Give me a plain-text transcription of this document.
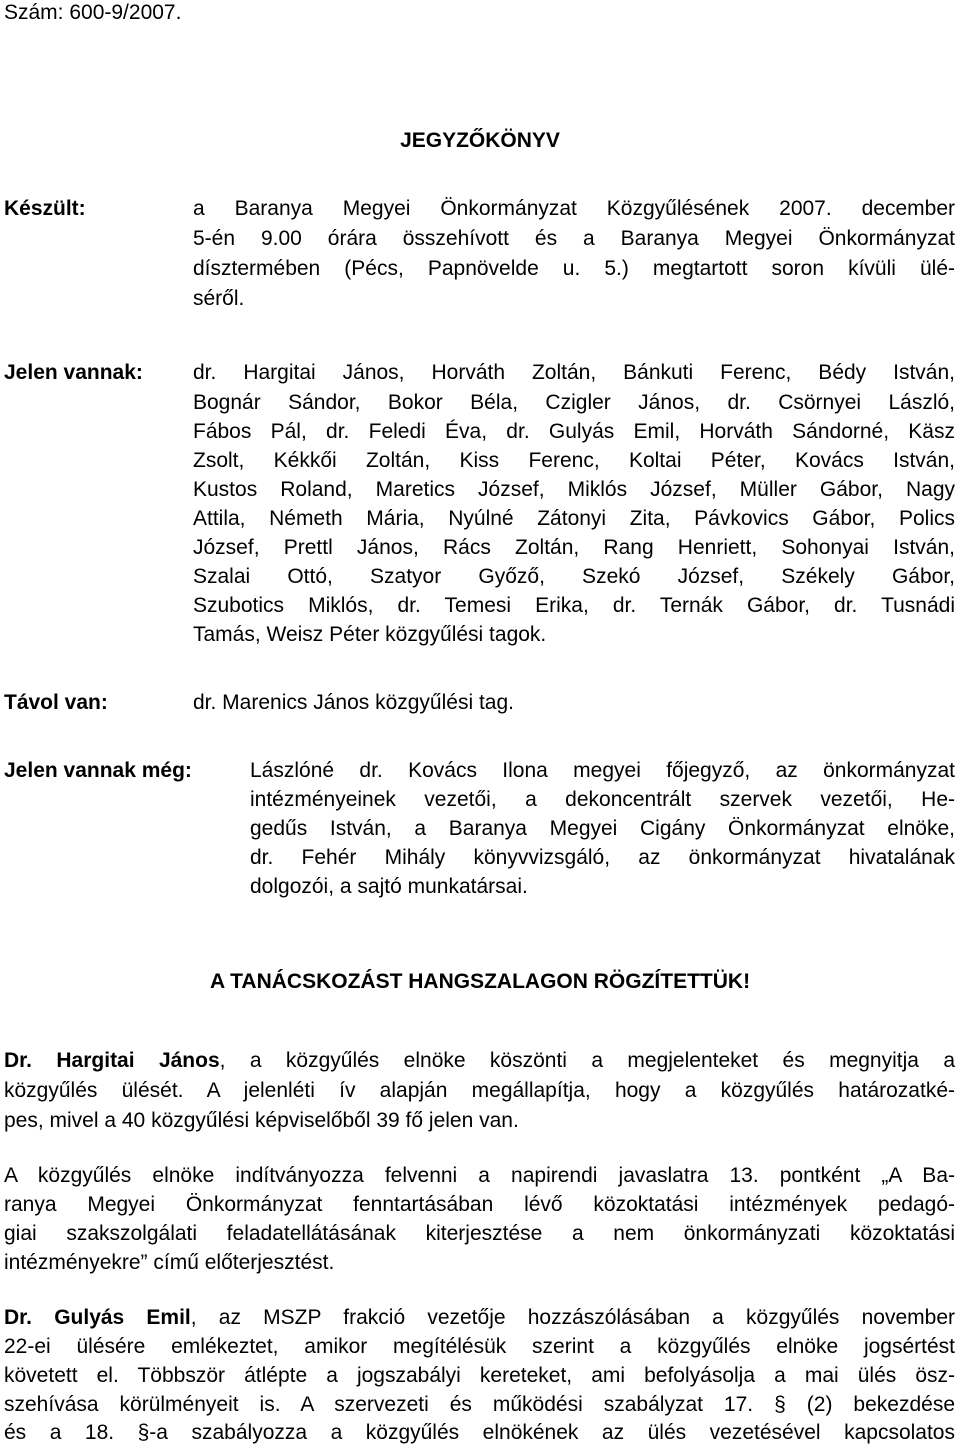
Szám: 600-9/2007.
JEGYZŐKÖNYV
Készült:	a Baranya Megyei Önkormányzat Közgyűlésének 2007. december
5-én 9.00 órára összehívott és a Baranya Megyei Önkormányzat
dísztermében (Pécs, Papnövelde u. 5.) megtartott soron kívüli ülé-
séről.
Jelen vannak: dr. Hargitai János, Horváth Zoltán, Bánkuti Ferenc, Bédy István,
Bognár Sándor, Bokor Béla, Czigler János, dr. Csörnyei László,
Fábos Pál, dr. Feledi Éva, dr. Gulyás Emil, Horváth Sándorné, Käsz
Zsolt, Kékkői Zoltán, Kiss Ferenc, Koltai Péter, Kovács István,
Kustos Roland, Maretics József, Miklós József, Müller Gábor, Nagy
Attila, Németh Mária, Nyúlné Zátonyi Zita, Pávkovics Gábor, Polics
József, Prettl János, Rács Zoltán, Rang Henriett, Sohonyai István,
Szalai Ottó, Szatyor Győző, Szekó József, Székely Gábor,
Szubotics Miklós, dr. Temesi Erika, dr. Ternák Gábor, dr. Tusnádi
Tamás, Weisz Péter közgyűlési tagok.
Távol van:	dr. Marenics János közgyűlési tag.
Jelen vannak még:	Lászlóné dr. Kovács Ilona megyei főjegyző, az önkormányzat
intézményeinek vezetői, a dekoncentrált szervek vezetői, He-
gedűs István, a Baranya Megyei Cigány Önkormányzat elnöke,
dr. Fehér Mihály könyvvizsgáló, az önkormányzat hivatalának
dolgozói, a sajtó munkatársai.
A TANÁCSKOZÁST HANGSZALAGON RÖGZÍTETTÜK!
Dr. Hargitai János, a közgyűlés elnöke köszönti a megjelenteket és megnyitja a
közgyűlés ülését. A jelenléti ív alapján megállapítja, hogy a közgyűlés határozatké-
pes, mivel a 40 közgyűlési képviselőből 39 fő jelen van.
A közgyűlés elnöke indítványozza felvenni a napirendi javaslatra 13. pontként „A Ba-
ranya Megyei Önkormányzat fenntartásában lévő közoktatási intézmények pedagó-
giai szakszolgálati feladatellátásának kiterjesztése a nem önkormányzati közoktatási
intézményekre” című előterjesztést.
Dr. Gulyás Emil, az MSZP frakció vezetője hozzászólásában a közgyűlés november
22-ei ülésére emlékeztet, amikor megítélésük szerint a közgyűlés elnöke jogsértést
követett el. Többször átlépte a jogszabályi kereteket, ami befolyásolja a mai ülés ösz-
szehívása körülményeit is. A szervezeti és működési szabályzat 17. § (2) bekezdése
és a 18. §-a szabályozza a közgyűlés elnökének az ülés vezetésével kapcsolatos
